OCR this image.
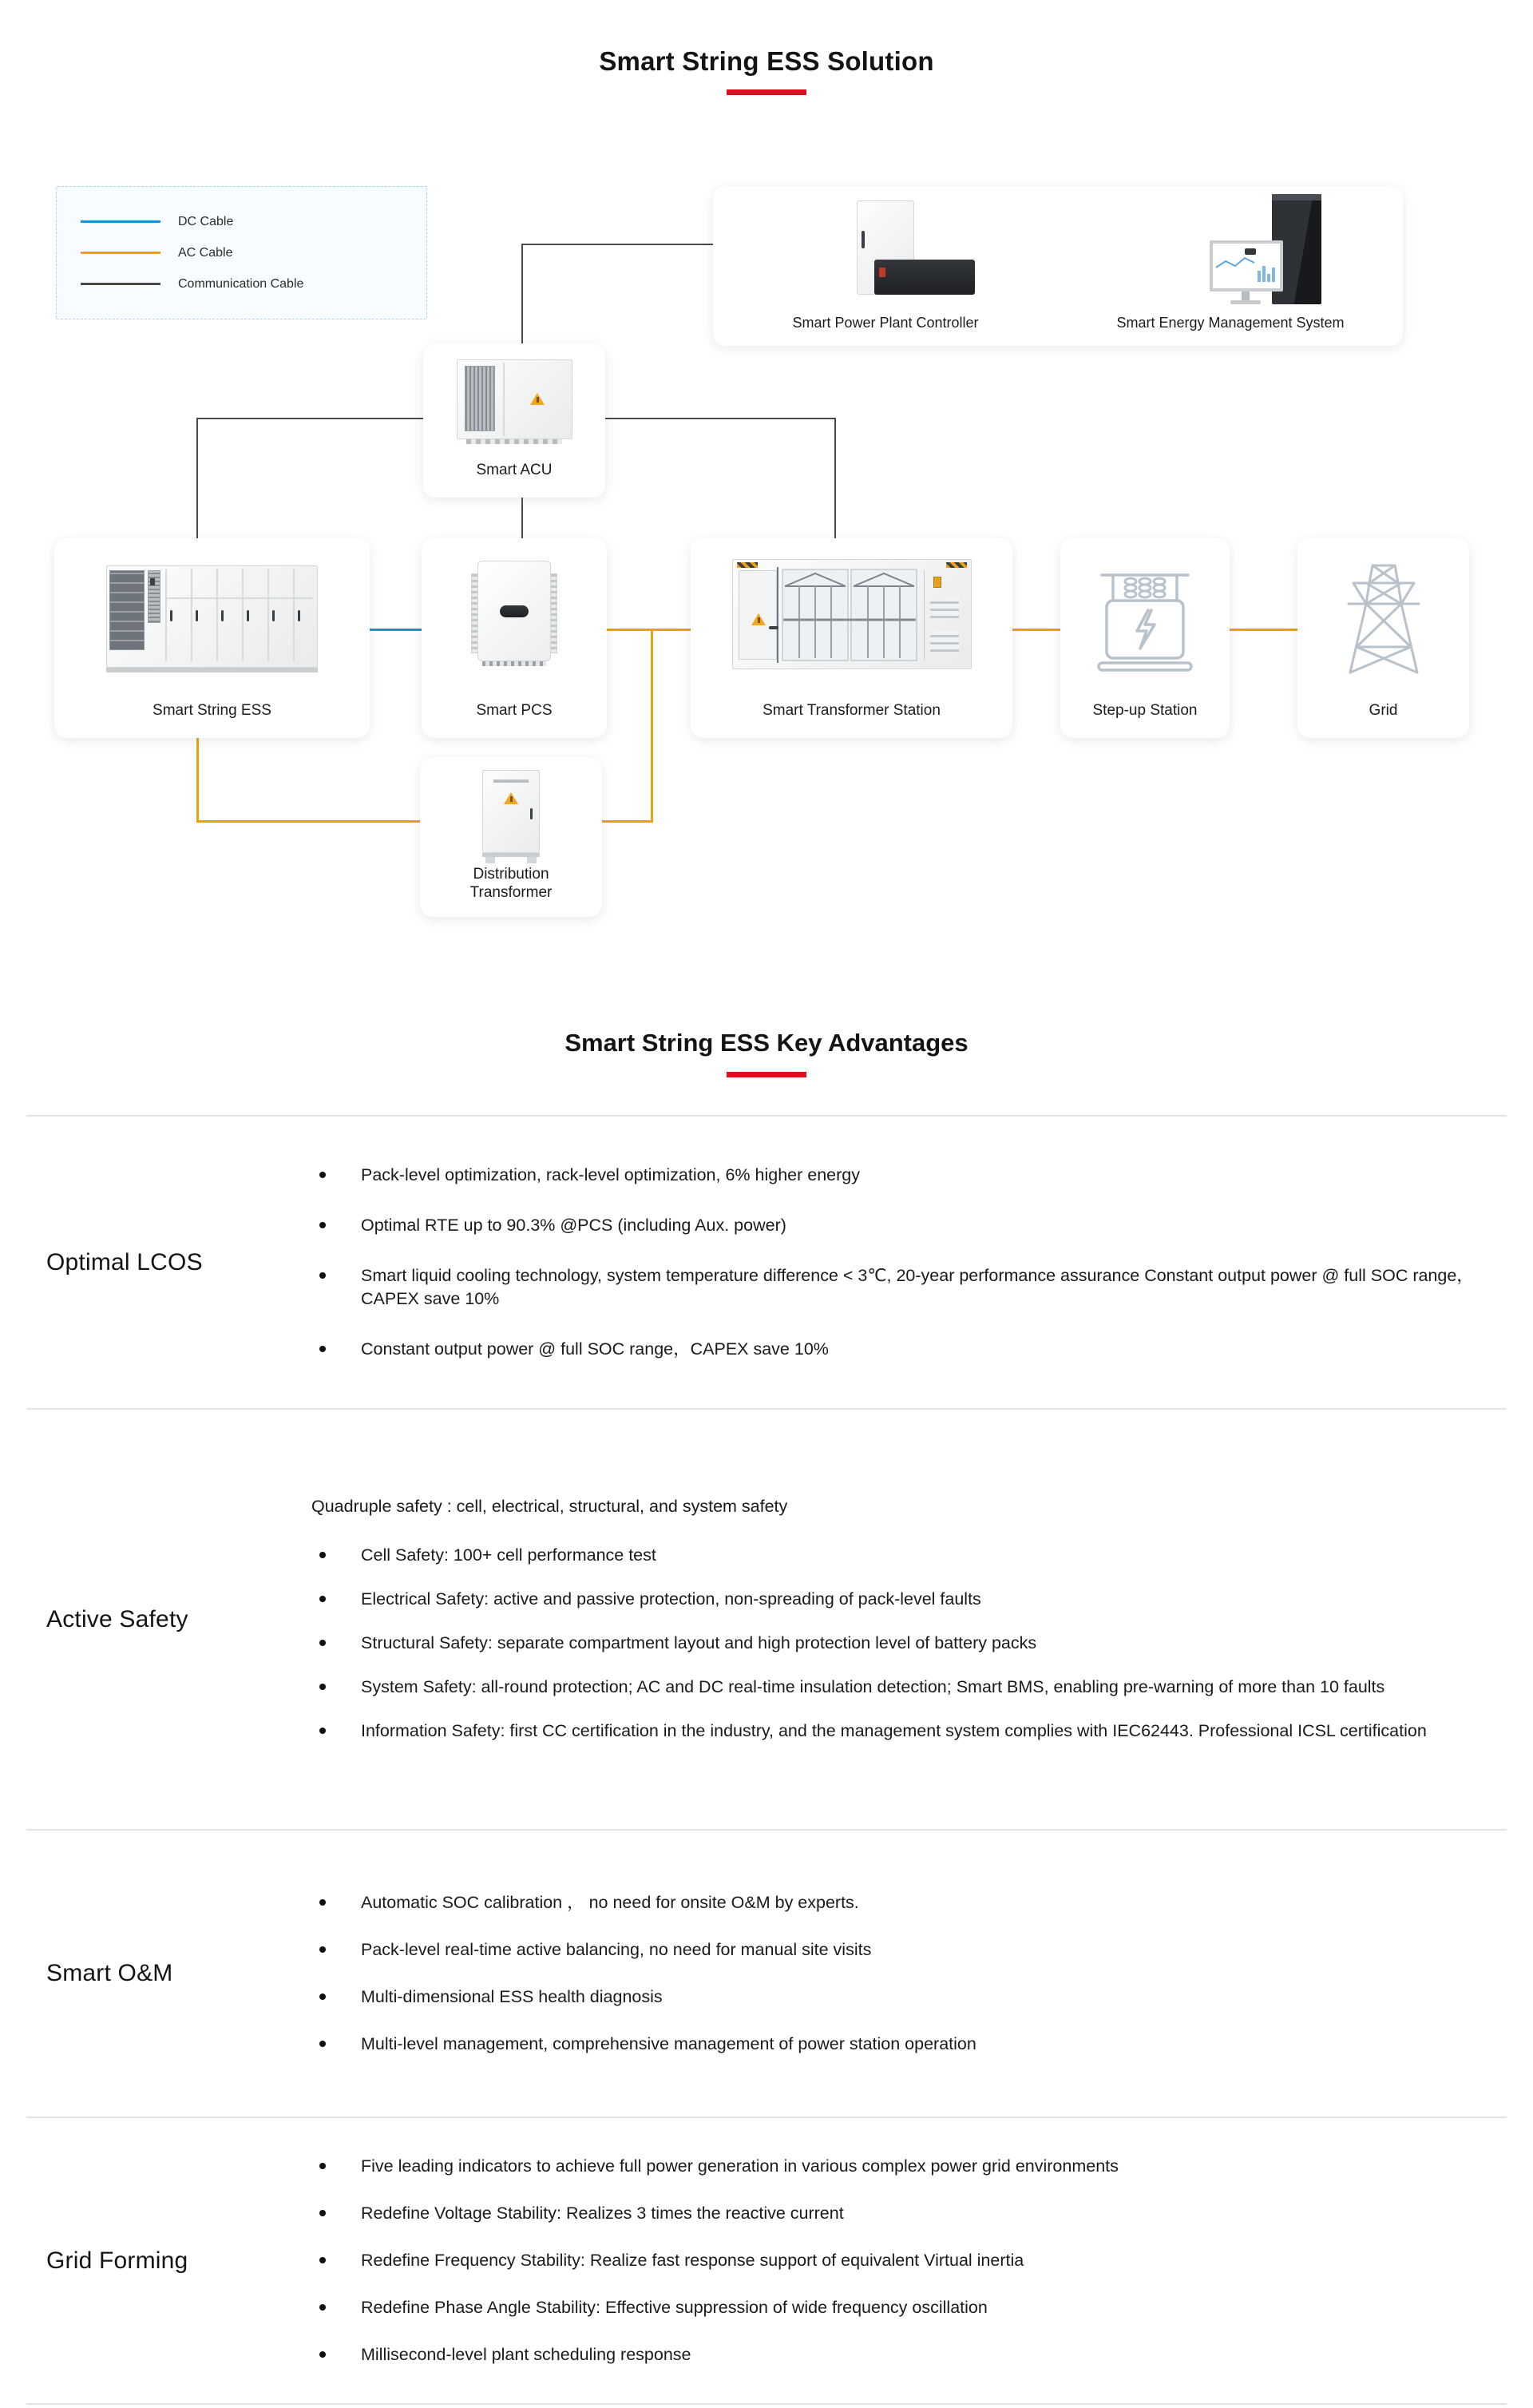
Smart String ESS Solution
DC Cable
AC Cable
Communication Cable
Smart Power Plant Controller	Smart Energy Management System
Smart ACU
Smart String ESS	Smart PCS	Smart Transformer Station	Step-up Station	Grid
Distribution
Transformer
Smart String ESS Key Advantages
Optimal LCOS
Pack-level optimization, rack-level optimization, 6% higher energy
Optimal RTE up to 90.3% @PCS (including Aux. power)
Smart liquid cooling technology, system temperature difference < 3℃, 20-year performance assurance Constant output power @ full SOC range，CAPEX save 10%
Constant output power @ full SOC range，CAPEX save 10%
Active Safety
Quadruple safety : cell, electrical, structural, and system safety
Cell Safety: 100+ cell performance test
Electrical Safety: active and passive protection, non-spreading of pack-level faults
Structural Safety: separate compartment layout and high protection level of battery packs
System Safety: all-round protection; AC and DC real-time insulation detection; Smart BMS, enabling pre-warning of more than 10 faults
Information Safety: first CC certification in the industry, and the management system complies with IEC62443. Professional ICSL certification
Smart O&M
Automatic SOC calibration ， no need for onsite O&M by experts.
Pack-level real-time active balancing, no need for manual site visits
Multi-dimensional ESS health diagnosis
Multi-level management, comprehensive management of power station operation
Grid Forming
Five leading indicators to achieve full power generation in various complex power grid environments
Redefine Voltage Stability: Realizes 3 times the reactive current
Redefine Frequency Stability: Realize fast response support of equivalent Virtual inertia
Redefine Phase Angle Stability: Effective suppression of wide frequency oscillation
Millisecond-level plant scheduling response
